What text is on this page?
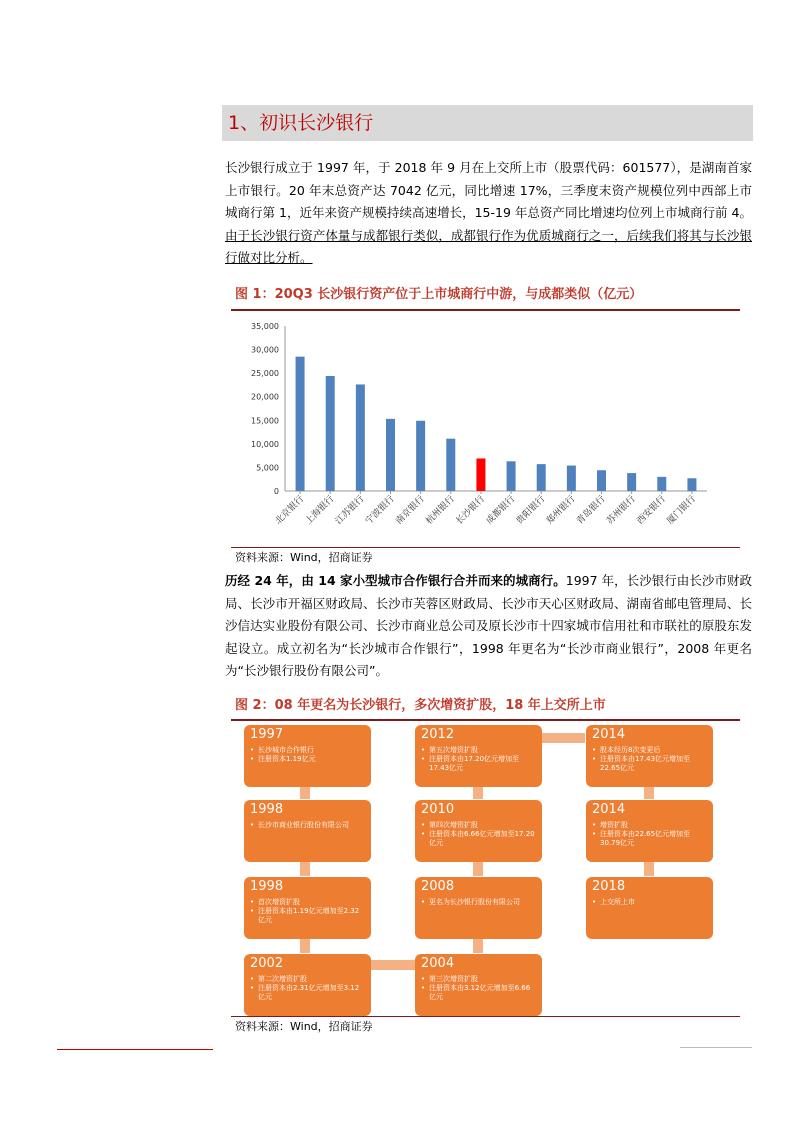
1、初识长沙银行
长沙银行成立于 1997 年，于 2018 年 9 月在上交所上市（股票代码：601577），是湖南首家上市银行。20 年末总资产达 7042 亿元，同比增速 17%，三季度末资产规模位列中西部上市城商行第 1，近年来资产规模持续高速增长，15-19 年总资产同比增速均位列上市城商行前 4。由于长沙银行资产体量与成都银行类似，成都银行作为优质城商行之一，后续我们将其与长沙银行做对比分析。
图 1：20Q3 长沙银行资产位于上市城商行中游，与成都类似（亿元）
0
5,000
10,000
15,000
20,000
25,000
30,000
35,000
北京银行
上海银行
江苏银行
宁波银行
南京银行
杭州银行
长沙银行
成都银行
贵阳银行
郑州银行
青岛银行
苏州银行
西安银行
厦门银行
资料来源：Wind，招商证券
历经 24 年，由 14 家小型城市合作银行合并而来的城商行。1997 年，长沙银行由长沙市财政局、长沙市开福区财政局、长沙市芙蓉区财政局、长沙市天心区财政局、湖南省邮电管理局、长沙信达实业股份有限公司、长沙市商业总公司及原长沙市十四家城市信用社和市联社的原股东发起设立。成立初名为“长沙城市合作银行”，1998 年更名为“长沙市商业银行”，2008 年更名为“长沙银行股份有限公司”。
图 2：08 年更名为长沙银行，多次增资扩股，18 年上交所上市
1997
• 长沙城市合作银行
• 注册资本1.19亿元
1998
• 长沙市商业银行股份有限公司
1998
• 首次增资扩股
• 注册资本由1.19亿元增加至2.32亿元
2002
• 第二次增资扩股
• 注册资本由2.31亿元增加至3.12亿元
2004
• 第三次增资扩股
• 注册资本由3.12亿元增加至6.66亿元
2008
• 更名为长沙银行股份有限公司
2010
• 第四次增资扩股
• 注册资本由6.66亿元增加至17.20亿元
2012
• 第五次增资扩股
• 注册资本由17.20亿元增加至17.43亿元
2014
• 股本经历8次变更后
• 注册资本由17.43亿元增加至22.65亿元
2014
• 增资扩股
• 注册资本由22.65亿元增加至30.79亿元
2018
• 上交所上市
资料来源：Wind，招商证券
